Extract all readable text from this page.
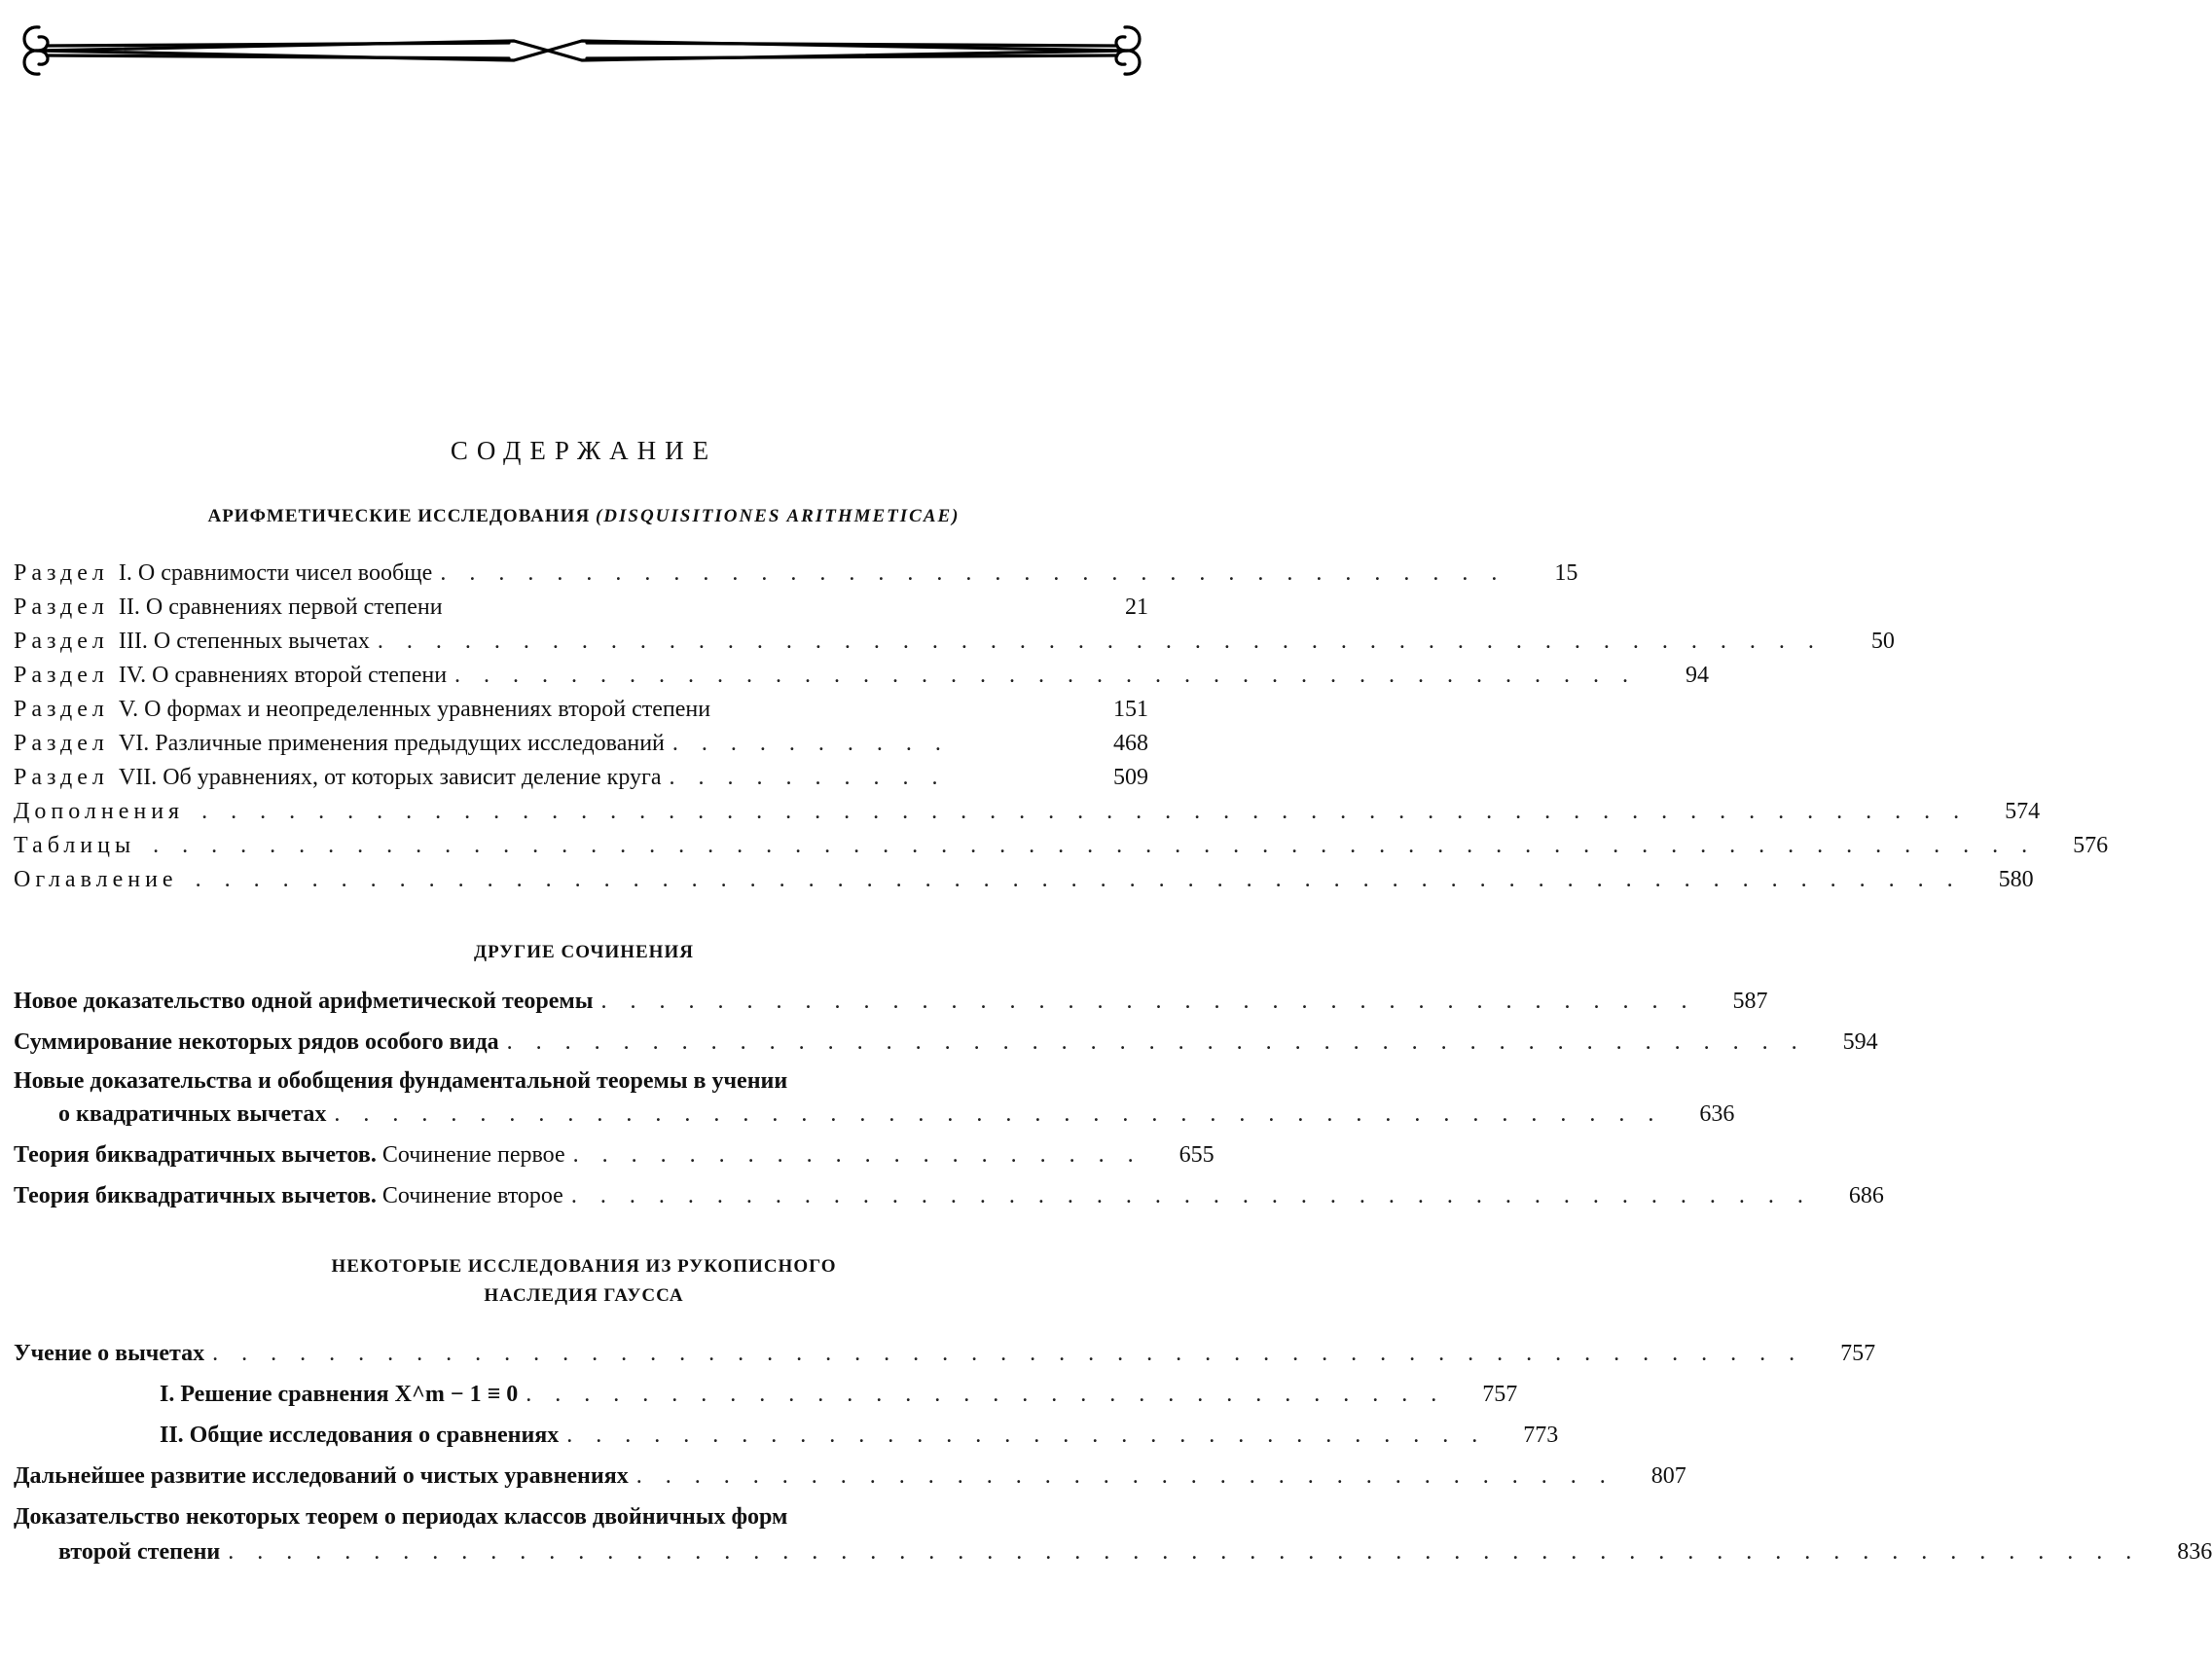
СОДЕРЖАНИЕ
АРИФМЕТИЧЕСКИЕ ИССЛЕДОВАНИЯ (DISQUISITIONES ARITHMETICAE)
Раздел I. О сравнимости чисел вообще . . . . . . . . . . . . . . . . . . . . . . . . . . . . . . . . . . . . .	15
Раздел II. О сравнениях первой степени	21
Раздел III. О степенных вычетах . . . . . . . . . . . . . . . . . . . . . . . . . . . . . . . . . . . . . . . . . . . . . . . . . .	50
Раздел IV. О сравнениях второй степени . . . . . . . . . . . . . . . . . . . . . . . . . . . . . . . . . . . . . . . . .	94
Раздел V. О формах и неопределенных уравнениях второй степени	151
Раздел VI. Различные применения предыдущих исследований . . . . . . . . . .	468
Раздел VII. Об уравнениях, от которых зависит деление круга . . . . . . . . . .	509
Дополнения . . . . . . . . . . . . . . . . . . . . . . . . . . . . . . . . . . . . . . . . . . . . . . . . . . . . . . . . . . . . .	574
Таблицы . . . . . . . . . . . . . . . . . . . . . . . . . . . . . . . . . . . . . . . . . . . . . . . . . . . . . . . . . . . . . . . . .	576
Оглавление . . . . . . . . . . . . . . . . . . . . . . . . . . . . . . . . . . . . . . . . . . . . . . . . . . . . . . . . . . . . .	580
ДРУГИЕ СОЧИНЕНИЯ
Новое доказательство одной арифметической теоремы . . . . . . . . . . . . . . . . . . . . . . . . . . . . . . . . . . . . . .	587
Суммирование некоторых рядов особого вида . . . . . . . . . . . . . . . . . . . . . . . . . . . . . . . . . . . . . . . . . . . . .	594
Новые доказательства и обобщения фундаментальной теоремы в учении
о квадратичных вычетах . . . . . . . . . . . . . . . . . . . . . . . . . . . . . . . . . . . . . . . . . . . . . .	636
Теория биквадратичных вычетов. Сочинение первое . . . . . . . . . . . . . . . . . . . .	655
Теория биквадратичных вычетов. Сочинение второе . . . . . . . . . . . . . . . . . . . . . . . . . . . . . . . . . . . . . . . . . . .	686
НЕКОТОРЫЕ ИССЛЕДОВАНИЯ ИЗ РУКОПИСНОГО
НАСЛЕДИЯ ГАУССА
Учение о вычетах . . . . . . . . . . . . . . . . . . . . . . . . . . . . . . . . . . . . . . . . . . . . . . . . . . . . . . .	757
I. Решение сравнения X^m − 1 ≡ 0 . . . . . . . . . . . . . . . . . . . . . . . . . . . . . . . .	757
II. Общие исследования о сравнениях . . . . . . . . . . . . . . . . . . . . . . . . . . . . . . . .	773
Дальнейшее развитие исследований о чистых уравнениях . . . . . . . . . . . . . . . . . . . . . . . . . . . . . . . . . .	807
Доказательство некоторых теорем о периодах классов двойничных форм
второй степени . . . . . . . . . . . . . . . . . . . . . . . . . . . . . . . . . . . . . . . . . . . . . . . . . . . . . . . . . . . . . . . . . .	836
